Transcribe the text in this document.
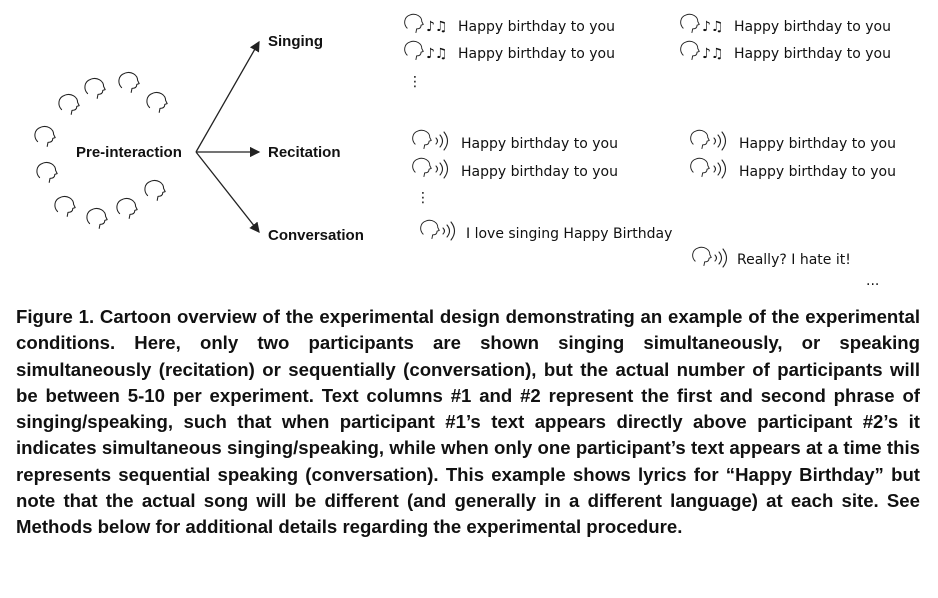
Pre-interaction
Singing
Recitation
Conversation
♪♫ Happy birthday to you	♪♫ Happy birthday to you
♪♫ Happy birthday to you	♪♫ Happy birthday to you
⋮
Happy birthday to you	Happy birthday to you
Happy birthday to you	Happy birthday to you
⋮
I love singing Happy Birthday
Really? I hate it!
...

Figure 1. Cartoon overview of the experimental design demonstrating an example of the experimental conditions. Here, only two participants are shown singing simultaneously, or speaking simultaneously (recitation) or sequentially (conversation), but the actual number of participants will be between 5-10 per experiment. Text columns #1 and #2 represent the first and second phrase of singing/speaking, such that when participant #1’s text appears directly above participant #2’s it indicates simultaneous singing/speaking, while when only one participant’s text appears at a time this represents sequential speaking (conversation). This example shows lyrics for “Happy Birthday” but note that the actual song will be different (and generally in a different language) at each site. See Methods below for additional details regarding the experimental procedure.
